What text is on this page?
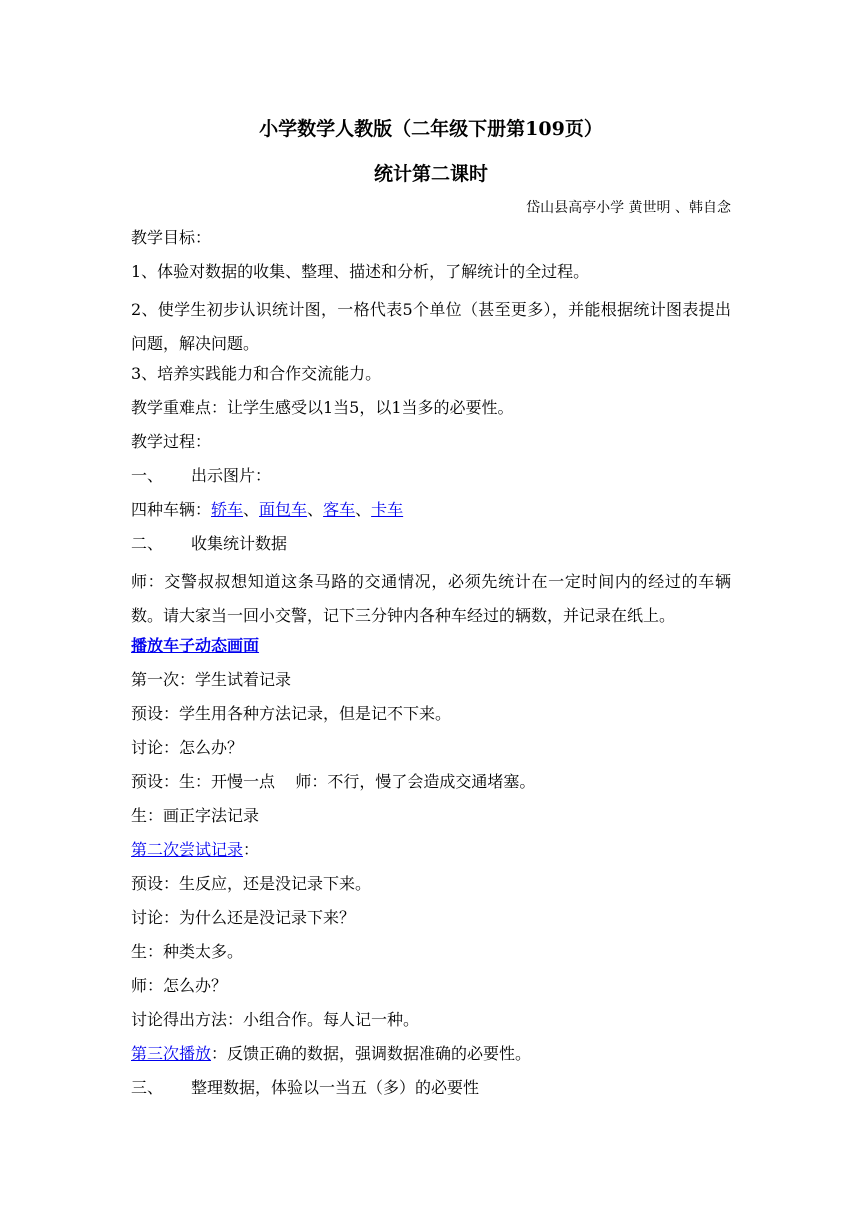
小学数学人教版（二年级下册第109页）
统计第二课时
岱山县高亭小学 黄世明 、韩自念
教学目标：
1、体验对数据的收集、整理、描述和分析，了解统计的全过程。
2、使学生初步认识统计图，一格代表5个单位（甚至更多），并能根据统计图表提出问题，解决问题。
3、培养实践能力和合作交流能力。
教学重难点：让学生感受以1当5，以1当多的必要性。
教学过程：
一、 出示图片：
四种车辆：轿车、面包车、客车、卡车
二、 收集统计数据
师：交警叔叔想知道这条马路的交通情况，必须先统计在一定时间内的经过的车辆数。请大家当一回小交警，记下三分钟内各种车经过的辆数，并记录在纸上。
播放车子动态画面
第一次：学生试着记录
预设：学生用各种方法记录，但是记不下来。
讨论：怎么办？
预设：生：开慢一点    师：不行，慢了会造成交通堵塞。
生：画正字法记录
第二次尝试记录：
预设：生反应，还是没记录下来。
讨论：为什么还是没记录下来？
生：种类太多。
师：怎么办？
讨论得出方法：小组合作。每人记一种。
第三次播放：反馈正确的数据，强调数据准确的必要性。
三、 整理数据，体验以一当五（多）的必要性
